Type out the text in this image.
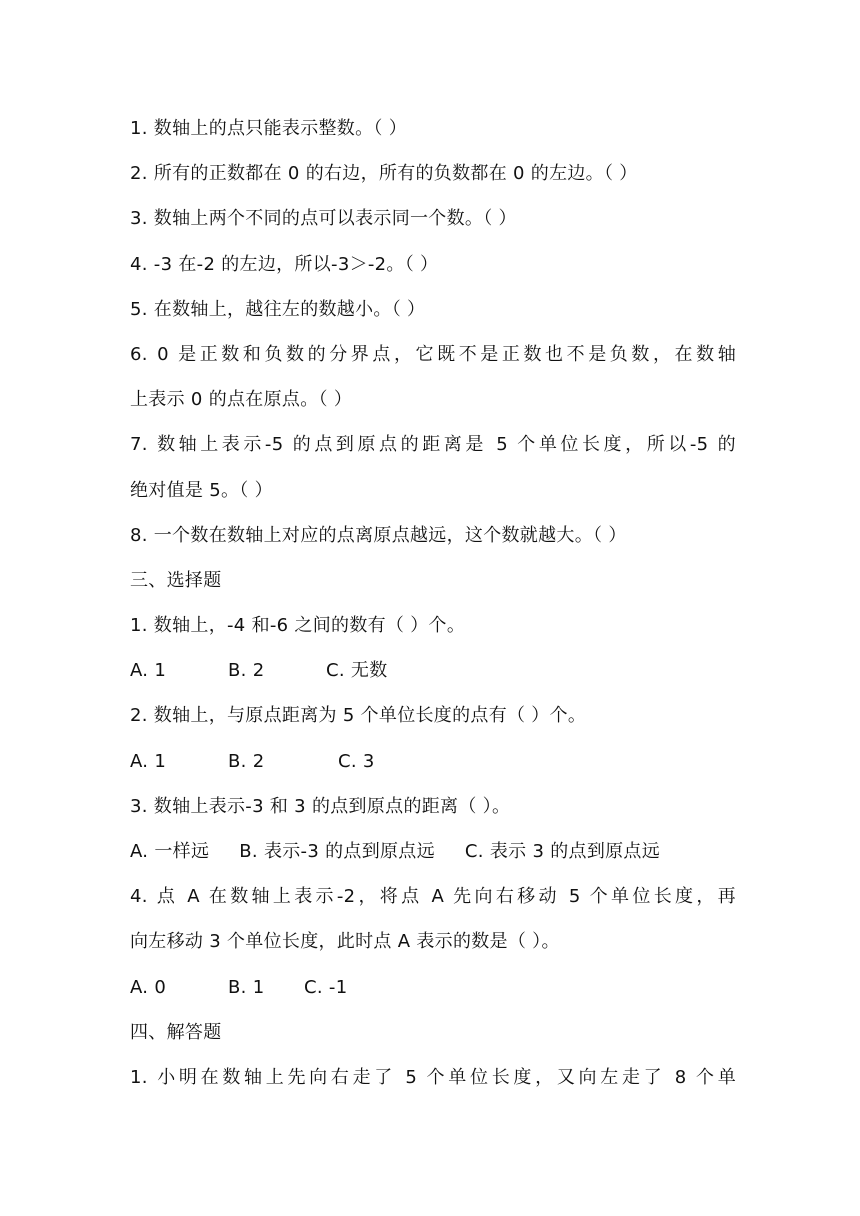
1. 数轴上的点只能表示整数。（ ）
2. 所有的正数都在 0 的右边，所有的负数都在 0 的左边。（ ）
3. 数轴上两个不同的点可以表示同一个数。（ ）
4. -3 在-2 的左边，所以-3＞-2。（ ）
5. 在数轴上，越往左的数越小。（ ）
6. 0 是正数和负数的分界点，它既不是正数也不是负数，在数轴
上表示 0 的点在原点。（ ）
7. 数轴上表示-5 的点到原点的距离是 5 个单位长度，所以-5 的
绝对值是 5。（ ）
8. 一个数在数轴上对应的点离原点越远，这个数就越大。（ ）
三、选择题
1. 数轴上，-4 和-6 之间的数有（ ）个。
A. 1	B. 2	C. 无数
2. 数轴上，与原点距离为 5 个单位长度的点有（ ）个。
A. 1	B. 2	C. 3
3. 数轴上表示-3 和 3 的点到原点的距离（ ）。
A. 一样远 B. 表示-3 的点到原点远 C. 表示 3 的点到原点远
4. 点 A 在数轴上表示-2，将点 A 先向右移动 5 个单位长度，再
向左移动 3 个单位长度，此时点 A 表示的数是（ ）。
A. 0	B. 1	C. -1
四、解答题
1. 小明在数轴上先向右走了 5 个单位长度，又向左走了 8 个单
